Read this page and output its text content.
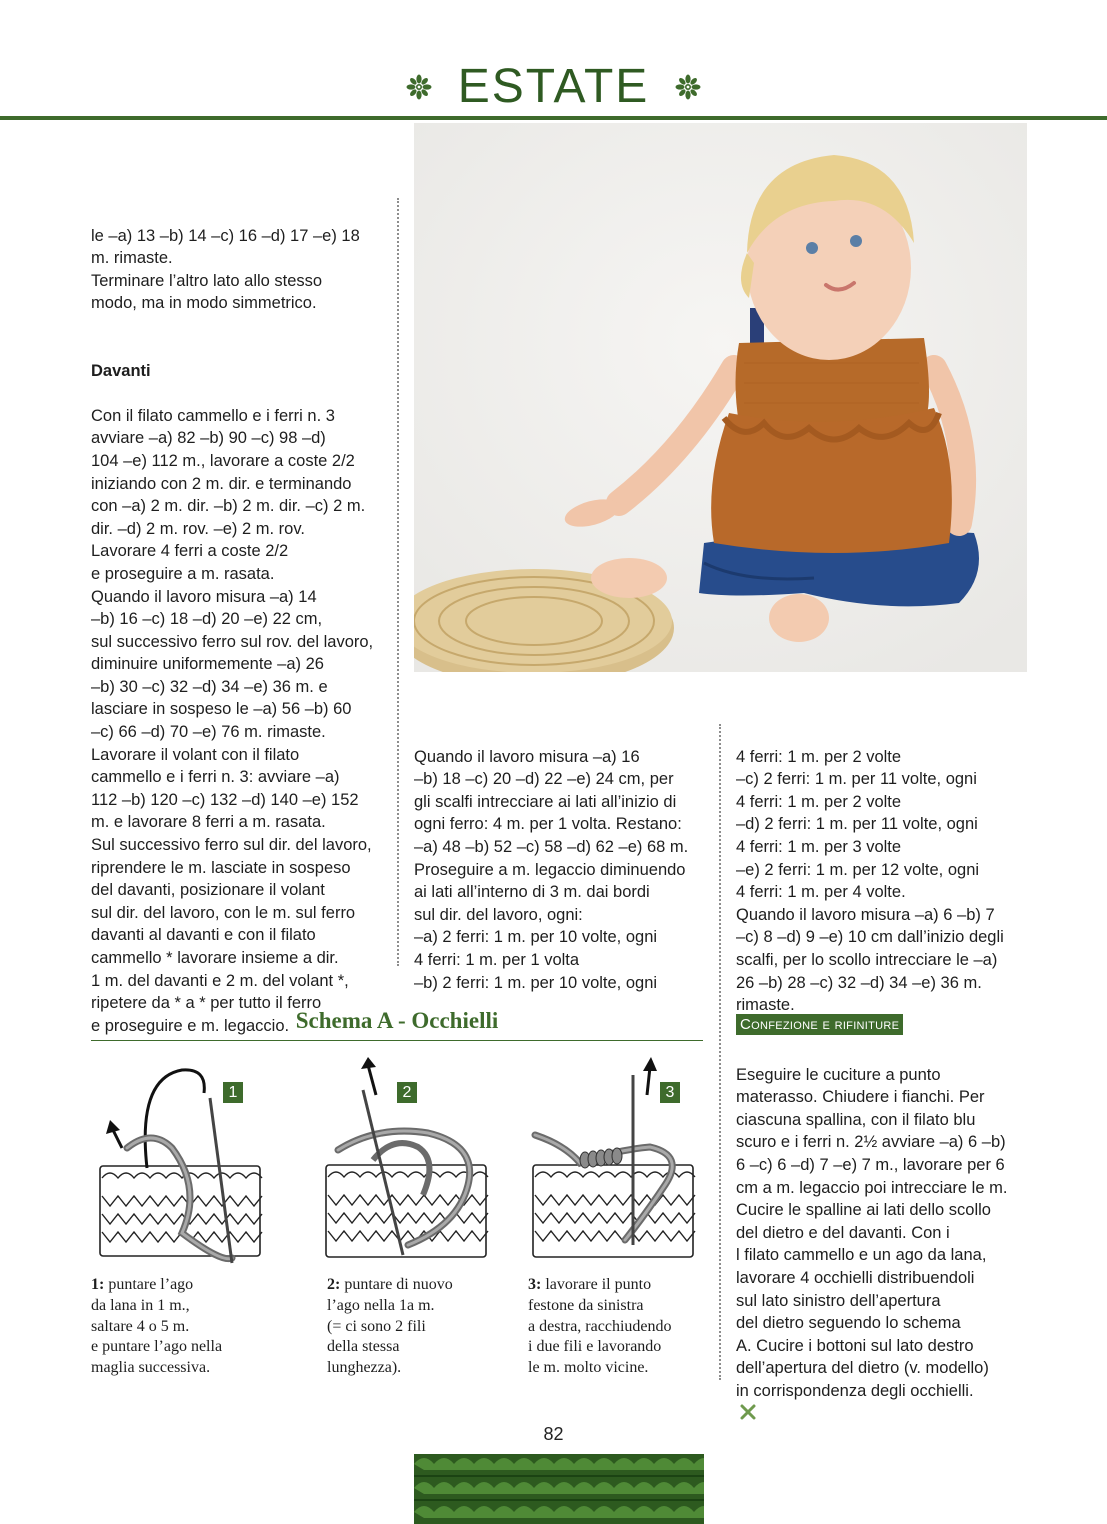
ESTATE

le –a) 13 –b) 14 –c) 16 –d) 17 –e) 18
m. rimaste.
Terminare l’altro lato allo stesso
modo, ma in modo simmetrico.

Davanti

Con il filato cammello e i ferri n. 3
avviare –a) 82 –b) 90 –c) 98 –d)
104 –e) 112 m., lavorare a coste 2/2
iniziando con 2 m. dir. e terminando
con –a) 2 m. dir. –b) 2 m. dir. –c) 2 m.
dir. –d) 2 m. rov. –e) 2 m. rov.
Lavorare 4 ferri a coste 2/2
e proseguire a m. rasata.
Quando il lavoro misura –a) 14
–b) 16 –c) 18 –d) 20 –e) 22 cm,
sul successivo ferro sul rov. del lavoro,
diminuire uniformemente –a) 26
–b) 30 –c) 32 –d) 34 –e) 36 m. e
lasciare in sospeso le –a) 56 –b) 60
–c) 66 –d) 70 –e) 76 m. rimaste.
Lavorare il volant con il filato
cammello e i ferri n. 3: avviare –a)
112 –b) 120 –c) 132 –d) 140 –e) 152
m. e lavorare 8 ferri a m. rasata.
Sul successivo ferro sul dir. del lavoro,
riprendere le m. lasciate in sospeso
del davanti, posizionare il volant
sul dir. del lavoro, con le m. sul ferro
davanti al davanti e con il filato
cammello * lavorare insieme a dir.
1 m. del davanti e 2 m. del volant *,
ripetere da * a * per tutto il ferro
e proseguire e m. legaccio.

Quando il lavoro misura –a) 16
–b) 18 –c) 20 –d) 22 –e) 24 cm, per
gli scalfi intrecciare ai lati all’inizio di
ogni ferro: 4 m. per 1 volta. Restano:
–a) 48 –b) 52 –c) 58 –d) 62 –e) 68 m.
Proseguire a m. legaccio diminuendo
ai lati all’interno di 3 m. dai bordi
sul dir. del lavoro, ogni:
–a) 2 ferri: 1 m. per 10 volte, ogni
4 ferri: 1 m. per 1 volta
–b) 2 ferri: 1 m. per 10 volte, ogni

4 ferri: 1 m. per 2 volte
–c) 2 ferri: 1 m. per 11 volte, ogni
4 ferri: 1 m. per 2 volte
–d) 2 ferri: 1 m. per 11 volte, ogni
4 ferri: 1 m. per 3 volte
–e) 2 ferri: 1 m. per 12 volte, ogni
4 ferri: 1 m. per 4 volte.
Quando il lavoro misura –a) 6 –b) 7
–c) 8 –d) 9 –e) 10 cm dall’inizio degli
scalfi, per lo scollo intrecciare le –a)
26 –b) 28 –c) 32 –d) 34 –e) 36 m.
rimaste.

Confezione e rifiniture

Eseguire le cuciture a punto
materasso. Chiudere i fianchi. Per
ciascuna spallina, con il filato blu
scuro e i ferri n. 2½ avviare –a) 6 –b)
6 –c) 6 –d) 7 –e) 7 m., lavorare per 6
cm a m. legaccio poi intrecciare le m.
Cucire le spalline ai lati dello scollo
del dietro e del davanti. Con i
l filato cammello e un ago da lana,
lavorare 4 occhielli distribuendoli
sul lato sinistro dell’apertura
del dietro seguendo lo schema
A. Cucire i bottoni sul lato destro
dell’apertura del dietro (v. modello)
in corrispondenza degli occhielli.

Schema A - Occhielli
1	2	3
1: puntare l’ago
da lana in 1 m.,
saltare 4 o 5 m.
e puntare l’ago nella
maglia successiva.
2: puntare di nuovo
l’ago nella 1a m.
(= ci sono 2 fili
della stessa
lunghezza).
3: lavorare il punto
festone da sinistra
a destra, racchiudendo
i due fili e lavorando
le m. molto vicine.
82
